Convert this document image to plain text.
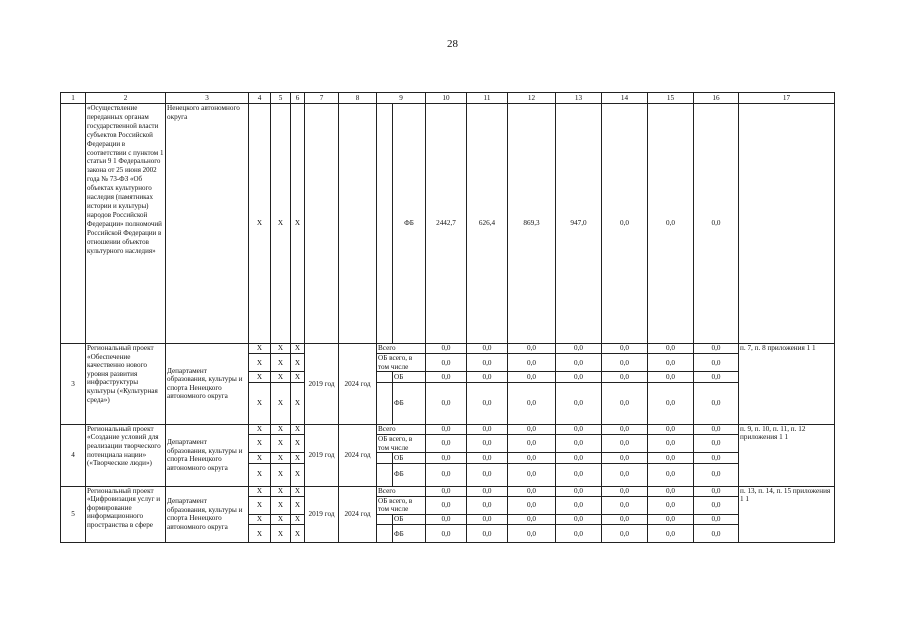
28
1	2	3	4	5	6	7	8	9		10	11	12	13	14	15	16	17
	«Осуществление переданных органам государственной власти субъектов Российской Федерации в соответствии с пунктом 1 статьи 9 1 Федерального закона от 25 июня 2002 года № 73-ФЗ «Об объектах культурного наследия (памятниках истории и культуры) народов Российской Федерации» полномочий Российской Федерации в отношении объектов культурного наследия»	Ненецкого автономного округа	X	X	X				ФБ	2442,7	626,4	869,3	947,0	0,0	0,0	0,0	
3	Региональный проект «Обеспечение качественно нового уровня развития инфраструктуры культуры («Культурная среда»)	Департамент образования, культуры и спорта Ненецкого автономного округа	X	X	X	2019 год	2024 год	Всего		0,0	0,0	0,0	0,0	0,0	0,0	0,0	п. 7, п. 8 приложения 1 1
			X	X	X			ОБ всего, в том числе		0,0	0,0	0,0	0,0	0,0	0,0	0,0	
			X	X	X				ОБ	0,0	0,0	0,0	0,0	0,0	0,0	0,0	
			X	X	X				ФБ	0,0	0,0	0,0	0,0	0,0	0,0	0,0	
4	Региональный проект «Создание условий для реализации творческого потенциала нации» («Творческие люди»)	Департамент образования, культуры и спорта Ненецкого автономного округа	X	X	X	2019 год	2024 год	Всего		0,0	0,0	0,0	0,0	0,0	0,0	0,0	п. 9, п. 10, п. 11, п. 12 приложения 1 1
			X	X	X			ОБ всего, в том числе		0,0	0,0	0,0	0,0	0,0	0,0	0,0	
			X	X	X				ОБ	0,0	0,0	0,0	0,0	0,0	0,0	0,0	
			X	X	X				ФБ	0,0	0,0	0,0	0,0	0,0	0,0	0,0	
5	Региональный проект «Цифровизация услуг и формирование информационного пространства в сфере	Департамент образования, культуры и спорта Ненецкого автономного округа	X	X	X	2019 год	2024 год	Всего		0,0	0,0	0,0	0,0	0,0	0,0	0,0	п. 13, п. 14, п. 15 приложения 1 1
			X	X	X			ОБ всего, в том числе		0,0	0,0	0,0	0,0	0,0	0,0	0,0	
			X	X	X				ОБ	0,0	0,0	0,0	0,0	0,0	0,0	0,0	
			X	X	X				ФБ	0,0	0,0	0,0	0,0	0,0	0,0	0,0	
